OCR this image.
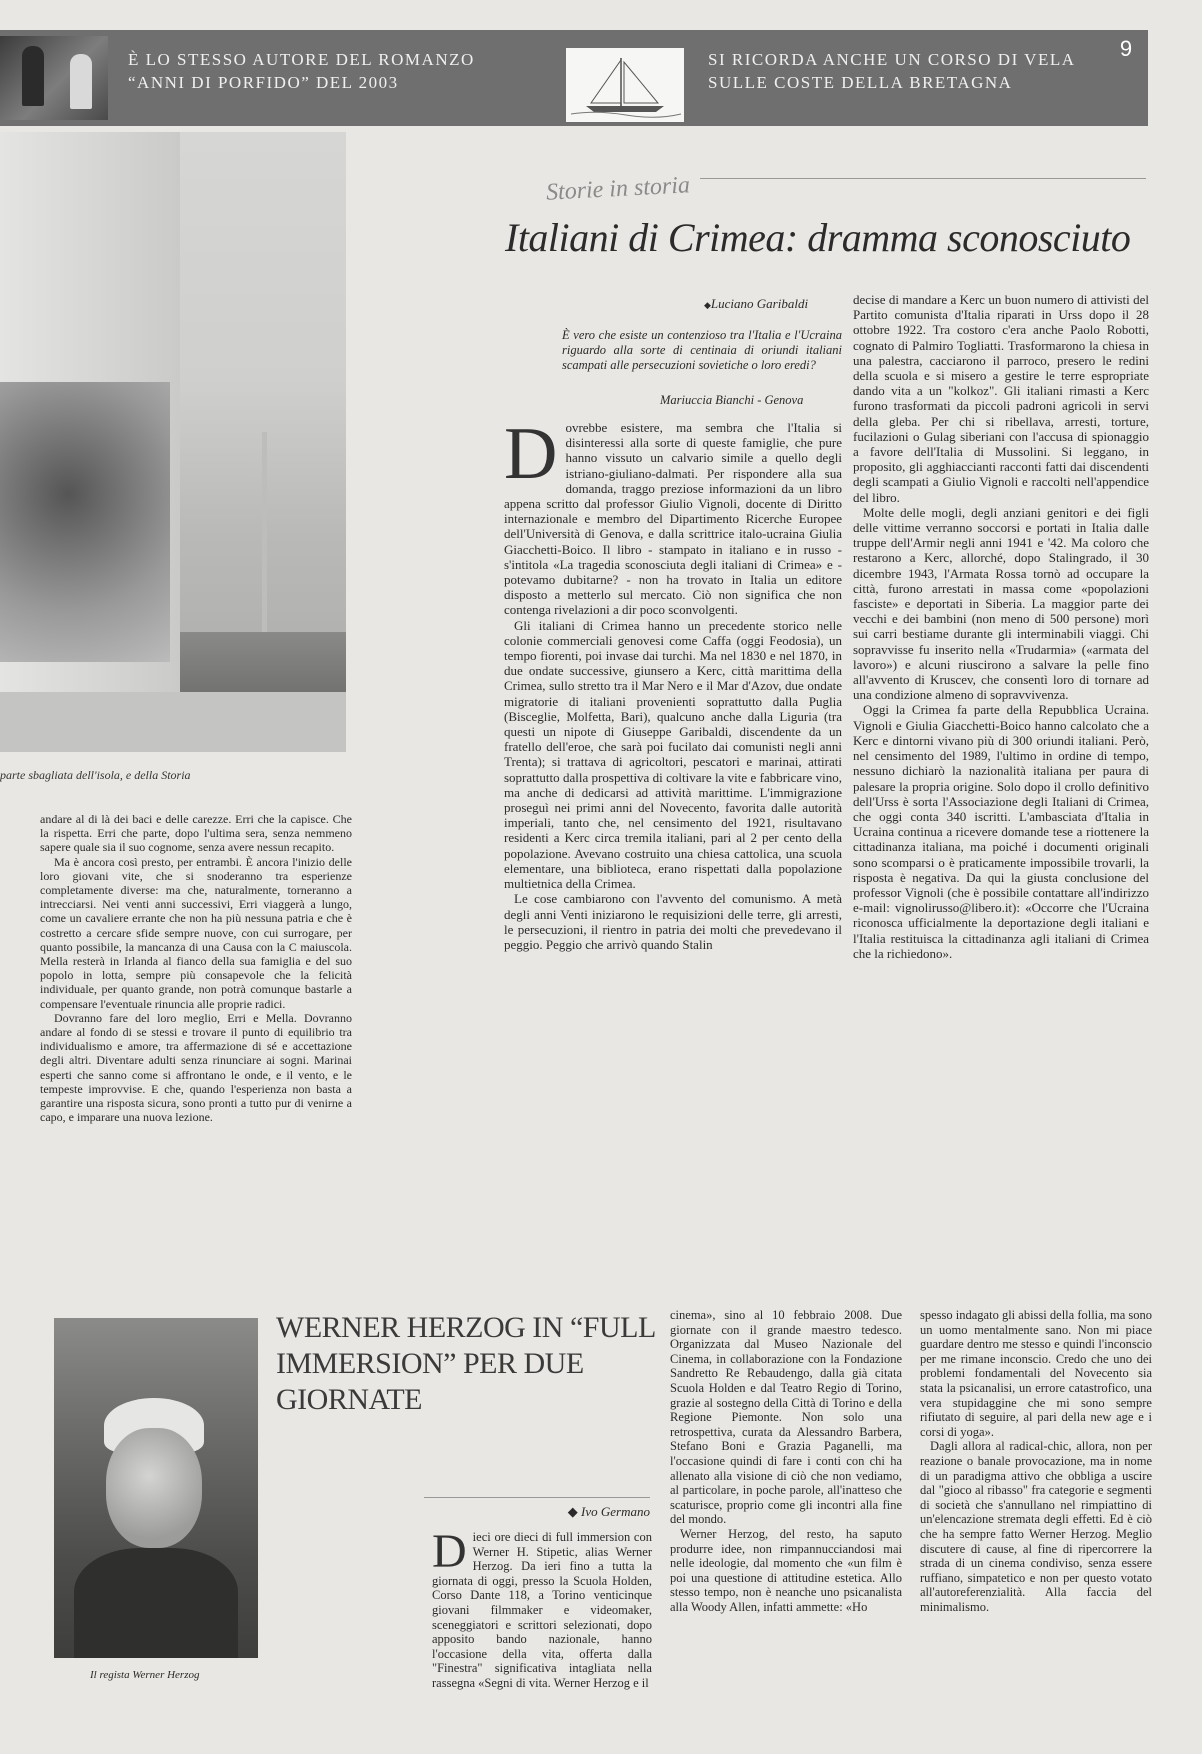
È LO STESSO AUTORE DEL ROMANZO
“ANNI DI PORFIDO” DEL 2003
SI RICORDA ANCHE UN CORSO DI VELA
SULLE COSTE DELLA BRETAGNA
9
parte sbagliata dell'isola, e della Storia

andare al di là dei baci e delle carezze. Erri che la capisce. Che la rispetta. Erri che parte, dopo l'ultima sera, senza nemmeno sapere quale sia il suo cognome, senza avere nessun recapito.

Ma è ancora così presto, per entrambi. È ancora l'inizio delle loro giovani vite, che si snoderanno tra esperienze completamente diverse: ma che, naturalmente, torneranno a intrecciarsi. Nei venti anni successivi, Erri viaggerà a lungo, come un cavaliere errante che non ha più nessuna patria e che è costretto a cercare sfide sempre nuove, con cui surrogare, per quanto possibile, la mancanza di una Causa con la C maiuscola. Mella resterà in Irlanda al fianco della sua famiglia e del suo popolo in lotta, sempre più consapevole che la felicità individuale, per quanto grande, non potrà comunque bastarle a compensare l'eventuale rinuncia alle proprie radici.

Dovranno fare del loro meglio, Erri e Mella. Dovranno andare al fondo di se stessi e trovare il punto di equilibrio tra individualismo e amore, tra affermazione di sé e accettazione degli altri. Diventare adulti senza rinunciare ai sogni. Marinai esperti che sanno come si affrontano le onde, e il vento, e le tempeste improvvise. E che, quando l'esperienza non basta a garantire una risposta sicura, sono pronti a tutto pur di venirne a capo, e imparare una nuova lezione.

Storie in storia
Italiani di Crimea: dramma sconosciuto
◆ Luciano Garibaldi
È vero che esiste un contenzioso tra l'Italia e l'Ucraina riguardo alla sorte di centinaia di oriundi italiani scampati alle persecuzioni sovietiche o loro eredi?
Mariuccia Bianchi - Genova

Dovrebbe esistere, ma sembra che l'Italia si disinteressi alla sorte di queste famiglie, che pure hanno vissuto un calvario simile a quello degli istriano-giuliano-dalmati. Per rispondere alla sua domanda, traggo preziose informazioni da un libro appena scritto dal professor Giulio Vignoli, docente di Diritto internazionale e membro del Dipartimento Ricerche Europee dell'Università di Genova, e dalla scrittrice italo-ucraina Giulia Giacchetti-Boico. Il libro - stampato in italiano e in russo - s'intitola «La tragedia sconosciuta degli italiani di Crimea» e - potevamo dubitarne? - non ha trovato in Italia un editore disposto a metterlo sul mercato. Ciò non significa che non contenga rivelazioni a dir poco sconvolgenti.

Gli italiani di Crimea hanno un precedente storico nelle colonie commerciali genovesi come Caffa (oggi Feodosia), un tempo fiorenti, poi invase dai turchi. Ma nel 1830 e nel 1870, in due ondate successive, giunsero a Kerc, città marittima della Crimea, sullo stretto tra il Mar Nero e il Mar d'Azov, due ondate migratorie di italiani provenienti soprattutto dalla Puglia (Bisceglie, Molfetta, Bari), qualcuno anche dalla Liguria (tra questi un nipote di Giuseppe Garibaldi, discendente da un fratello dell'eroe, che sarà poi fucilato dai comunisti negli anni Trenta); si trattava di agricoltori, pescatori e marinai, attirati soprattutto dalla prospettiva di coltivare la vite e fabbricare vino, ma anche di dedicarsi ad attività marittime. L'immigrazione proseguì nei primi anni del Novecento, favorita dalle autorità imperiali, tanto che, nel censimento del 1921, risultavano residenti a Kerc circa tremila italiani, pari al 2 per cento della popolazione. Avevano costruito una chiesa cattolica, una scuola elementare, una biblioteca, erano rispettati dalla popolazione multietnica della Crimea.

Le cose cambiarono con l'avvento del comunismo. A metà degli anni Venti iniziarono le requisizioni delle terre, gli arresti, le persecuzioni, il rientro in patria dei molti che prevedevano il peggio. Peggio che arrivò quando Stalin

decise di mandare a Kerc un buon numero di attivisti del Partito comunista d'Italia riparati in Urss dopo il 28 ottobre 1922. Tra costoro c'era anche Paolo Robotti, cognato di Palmiro Togliatti. Trasformarono la chiesa in una palestra, cacciarono il parroco, presero le redini della scuola e si misero a gestire le terre espropriate dando vita a un "kolkoz". Gli italiani rimasti a Kerc furono trasformati da piccoli padroni agricoli in servi della gleba. Per chi si ribellava, arresti, torture, fucilazioni o Gulag siberiani con l'accusa di spionaggio a favore dell'Italia di Mussolini. Si leggano, in proposito, gli agghiaccianti racconti fatti dai discendenti degli scampati a Giulio Vignoli e raccolti nell'appendice del libro.

Molte delle mogli, degli anziani genitori e dei figli delle vittime verranno soccorsi e portati in Italia dalle truppe dell'Armir negli anni 1941 e '42. Ma coloro che restarono a Kerc, allorché, dopo Stalingrado, il 30 dicembre 1943, l'Armata Rossa tornò ad occupare la città, furono arrestati in massa come «popolazioni fasciste» e deportati in Siberia. La maggior parte dei vecchi e dei bambini (non meno di 500 persone) morì sui carri bestiame durante gli interminabili viaggi. Chi sopravvisse fu inserito nella «Trudarmia» («armata del lavoro») e alcuni riuscirono a salvare la pelle fino all'avvento di Kruscev, che consentì loro di tornare ad una condizione almeno di sopravvivenza.

Oggi la Crimea fa parte della Repubblica Ucraina. Vignoli e Giulia Giacchetti-Boico hanno calcolato che a Kerc e dintorni vivano più di 300 oriundi italiani. Però, nel censimento del 1989, l'ultimo in ordine di tempo, nessuno dichiarò la nazionalità italiana per paura di palesare la propria origine. Solo dopo il crollo definitivo dell'Urss è sorta l'Associazione degli Italiani di Crimea, che oggi conta 340 iscritti. L'ambasciata d'Italia in Ucraina continua a ricevere domande tese a riottenere la cittadinanza italiana, ma poiché i documenti originali sono scomparsi o è praticamente impossibile trovarli, la risposta è negativa. Da qui la giusta conclusione del professor Vignoli (che è possibile contattare all'indirizzo e-mail: vignolirusso@libero.it): «Occorre che l'Ucraina riconosca ufficialmente la deportazione degli italiani e l'Italia restituisca la cittadinanza agli italiani di Crimea che la richiedono».

Il regista Werner Herzog
WERNER HERZOG IN “FULL IMMERSION” PER DUE GIORNATE
◆ Ivo Germano
Dieci ore dieci di full immersion con Werner H. Stipetic, alias Werner Herzog. Da ieri fino a tutta la giornata di oggi, presso la Scuola Holden, Corso Dante 118, a Torino venticinque giovani filmmaker e videomaker, sceneggiatori e scrittori selezionati, dopo apposito bando nazionale, hanno l'occasione della vita, offerta dalla "Finestra" significativa intagliata nella rassegna «Segni di vita. Werner Herzog e il

cinema», sino al 10 febbraio 2008. Due giornate con il grande maestro tedesco. Organizzata dal Museo Nazionale del Cinema, in collaborazione con la Fondazione Sandretto Re Rebaudengo, dalla già citata Scuola Holden e dal Teatro Regio di Torino, grazie al sostegno della Città di Torino e della Regione Piemonte. Non solo una retrospettiva, curata da Alessandro Barbera, Stefano Boni e Grazia Paganelli, ma l'occasione quindi di fare i conti con chi ha allenato alla visione di ciò che non vediamo, al particolare, in poche parole, all'inatteso che scaturisce, proprio come gli incontri alla fine del mondo.

Werner Herzog, del resto, ha saputo produrre idee, non rimpannucciandosi mai nelle ideologie, dal momento che «un film è poi una questione di attitudine estetica. Allo stesso tempo, non è neanche uno psicanalista alla Woody Allen, infatti ammette: «Ho

spesso indagato gli abissi della follia, ma sono un uomo mentalmente sano. Non mi piace guardare dentro me stesso e quindi l'inconscio per me rimane inconscio. Credo che uno dei problemi fondamentali del Novecento sia stata la psicanalisi, un errore catastrofico, una vera stupidaggine che mi sono sempre rifiutato di seguire, al pari della new age e i corsi di yoga».

Dagli allora al radical-chic, allora, non per reazione o banale provocazione, ma in nome di un paradigma attivo che obbliga a uscire dal "gioco al ribasso" fra categorie e segmenti di società che s'annullano nel rimpiattino di un'elencazione stremata degli effetti. Ed è ciò che ha sempre fatto Werner Herzog. Meglio discutere di cause, al fine di ripercorrere la strada di un cinema condiviso, senza essere ruffiano, simpatetico e non per questo votato all'autoreferenzialità. Alla faccia del minimalismo.
